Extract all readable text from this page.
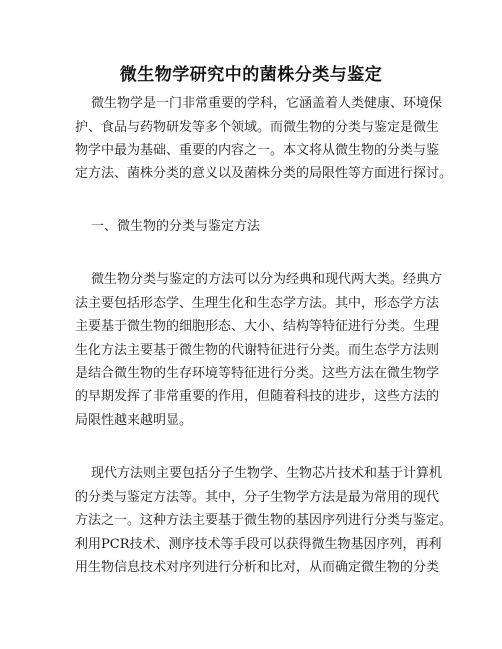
微生物学研究中的菌株分类与鉴定
微生物学是一门非常重要的学科，它涵盖着人类健康、环境保
护、食品与药物研发等多个领域。而微生物的分类与鉴定是微生
物学中最为基础、重要的内容之一。本文将从微生物的分类与鉴
定方法、菌株分类的意义以及菌株分类的局限性等方面进行探讨。
一、微生物的分类与鉴定方法
微生物分类与鉴定的方法可以分为经典和现代两大类。经典方
法主要包括形态学、生理生化和生态学方法。其中，形态学方法
主要基于微生物的细胞形态、大小、结构等特征进行分类。生理
生化方法主要基于微生物的代谢特征进行分类。而生态学方法则
是结合微生物的生存环境等特征进行分类。这些方法在微生物学
的早期发挥了非常重要的作用，但随着科技的进步，这些方法的
局限性越来越明显。
现代方法则主要包括分子生物学、生物芯片技术和基于计算机
的分类与鉴定方法等。其中，分子生物学方法是最为常用的现代
方法之一。这种方法主要基于微生物的基因序列进行分类与鉴定。
利用PCR技术、测序技术等手段可以获得微生物基因序列，再利
用生物信息技术对序列进行分析和比对，从而确定微生物的分类
